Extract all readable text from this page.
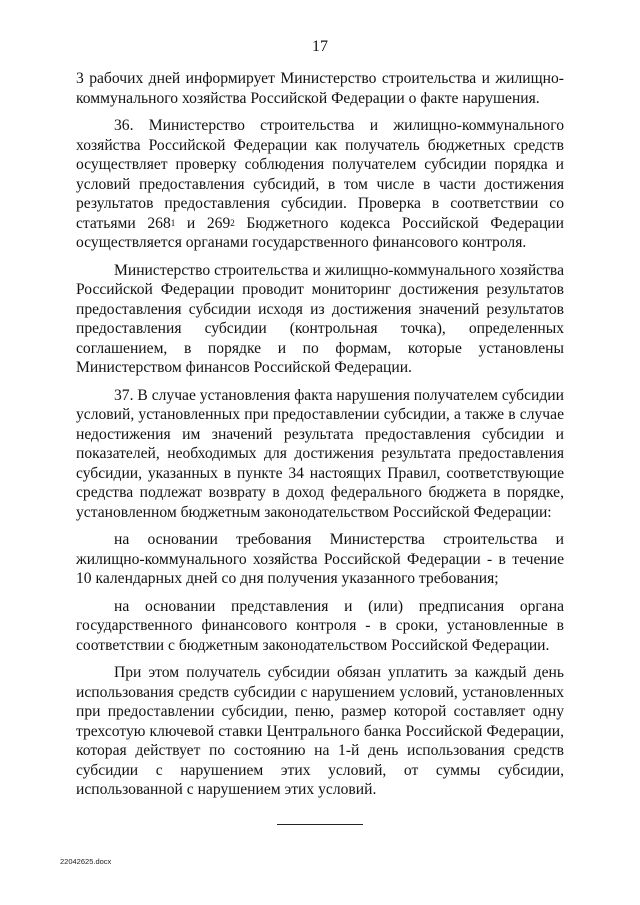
17

3 рабочих дней информирует Министерство строительства и жилищно-коммунального хозяйства Российской Федерации о факте нарушения.

36. Министерство строительства и жилищно-коммунального хозяйства Российской Федерации как получатель бюджетных средств осуществляет проверку соблюдения получателем субсидии порядка и условий предоставления субсидий, в том числе в части достижения результатов предоставления субсидии. Проверка в соответствии со статьями $268^1$ и $269^2$ Бюджетного кодекса Российской Федерации осуществляется органами государственного финансового контроля.

Министерство строительства и жилищно-коммунального хозяйства Российской Федерации проводит мониторинг достижения результатов предоставления субсидии исходя из достижения значений результатов предоставления субсидии (контрольная точка), определенных соглашением, в порядке и по формам, которые установлены Министерством финансов Российской Федерации.

37. В случае установления факта нарушения получателем субсидии условий, установленных при предоставлении субсидии, а также в случае недостижения им значений результата предоставления субсидии и показателей, необходимых для достижения результата предоставления субсидии, указанных в пункте 34 настоящих Правил, соответствующие средства подлежат возврату в доход федерального бюджета в порядке, установленном бюджетным законодательством Российской Федерации:

на основании требования Министерства строительства и жилищно-коммунального хозяйства Российской Федерации - в течение 10 календарных дней со дня получения указанного требования;

на основании представления и (или) предписания органа государственного финансового контроля - в сроки, установленные в соответствии с бюджетным законодательством Российской Федерации.

При этом получатель субсидии обязан уплатить за каждый день использования средств субсидии с нарушением условий, установленных при предоставлении субсидии, пеню, размер которой составляет одну трехсотую ключевой ставки Центрального банка Российской Федерации, которая действует по состоянию на 1-й день использования средств субсидии с нарушением этих условий, от суммы субсидии, использованной с нарушением этих условий.

22042625.docx
